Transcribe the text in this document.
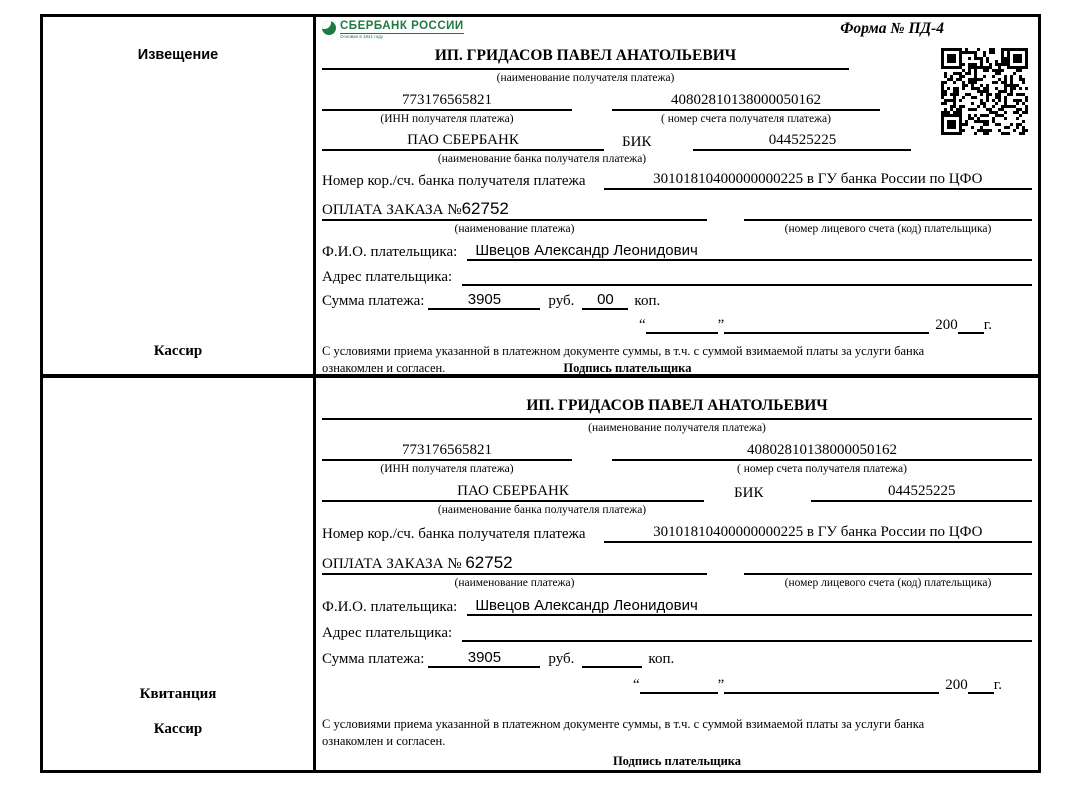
Извещение
Кассир
СБЕРБАНК РОССИИ
Основан в 1841 году	Форма № ПД-4
ИП. ГРИДАСОВ ПАВЕЛ АНАТОЛЬЕВИЧ
(наименование получателя платежа)
773176565821	40802810138000050162
(ИНН получателя платежа)	( номер счета получателя платежа)
ПАО СБЕРБАНК	БИК	044525225
(наименование банка получателя платежа)
Номер кор./сч. банка получателя платежа	30101810400000000225 в ГУ банка России по ЦФО
ОПЛАТА ЗАКАЗА №62752
(наименование платежа)	(номер лицевого счета (код) плательщика)
Ф.И.О. плательщика:	Швецов Александр Леонидович
Адрес плательщика:
Сумма платежа:	3905	руб.	00	коп.
“	”	200 г.
С условиями приема указанной в платежном документе суммы, в т.ч. с суммой взимаемой платы за услуги банка
ознакомлен и согласен.	Подпись плательщика
Квитанция
Кассир
ИП. ГРИДАСОВ ПАВЕЛ АНАТОЛЬЕВИЧ
(наименование получателя платежа)
773176565821	40802810138000050162
(ИНН получателя платежа)	( номер счета получателя платежа)
ПАО СБЕРБАНК	БИК	044525225
(наименование банка получателя платежа)
Номер кор./сч. банка получателя платежа	30101810400000000225 в ГУ банка России по ЦФО
ОПЛАТА ЗАКАЗА № 62752
(наименование платежа)	(номер лицевого счета (код) плательщика)
Ф.И.О. плательщика:	Швецов Александр Леонидович
Адрес плательщика:
Сумма платежа:	3905	руб.	коп.
“	”	200 г.
С условиями приема указанной в платежном документе суммы, в т.ч. с суммой взимаемой платы за услуги банка
ознакомлен и согласен.
Подпись плательщика
